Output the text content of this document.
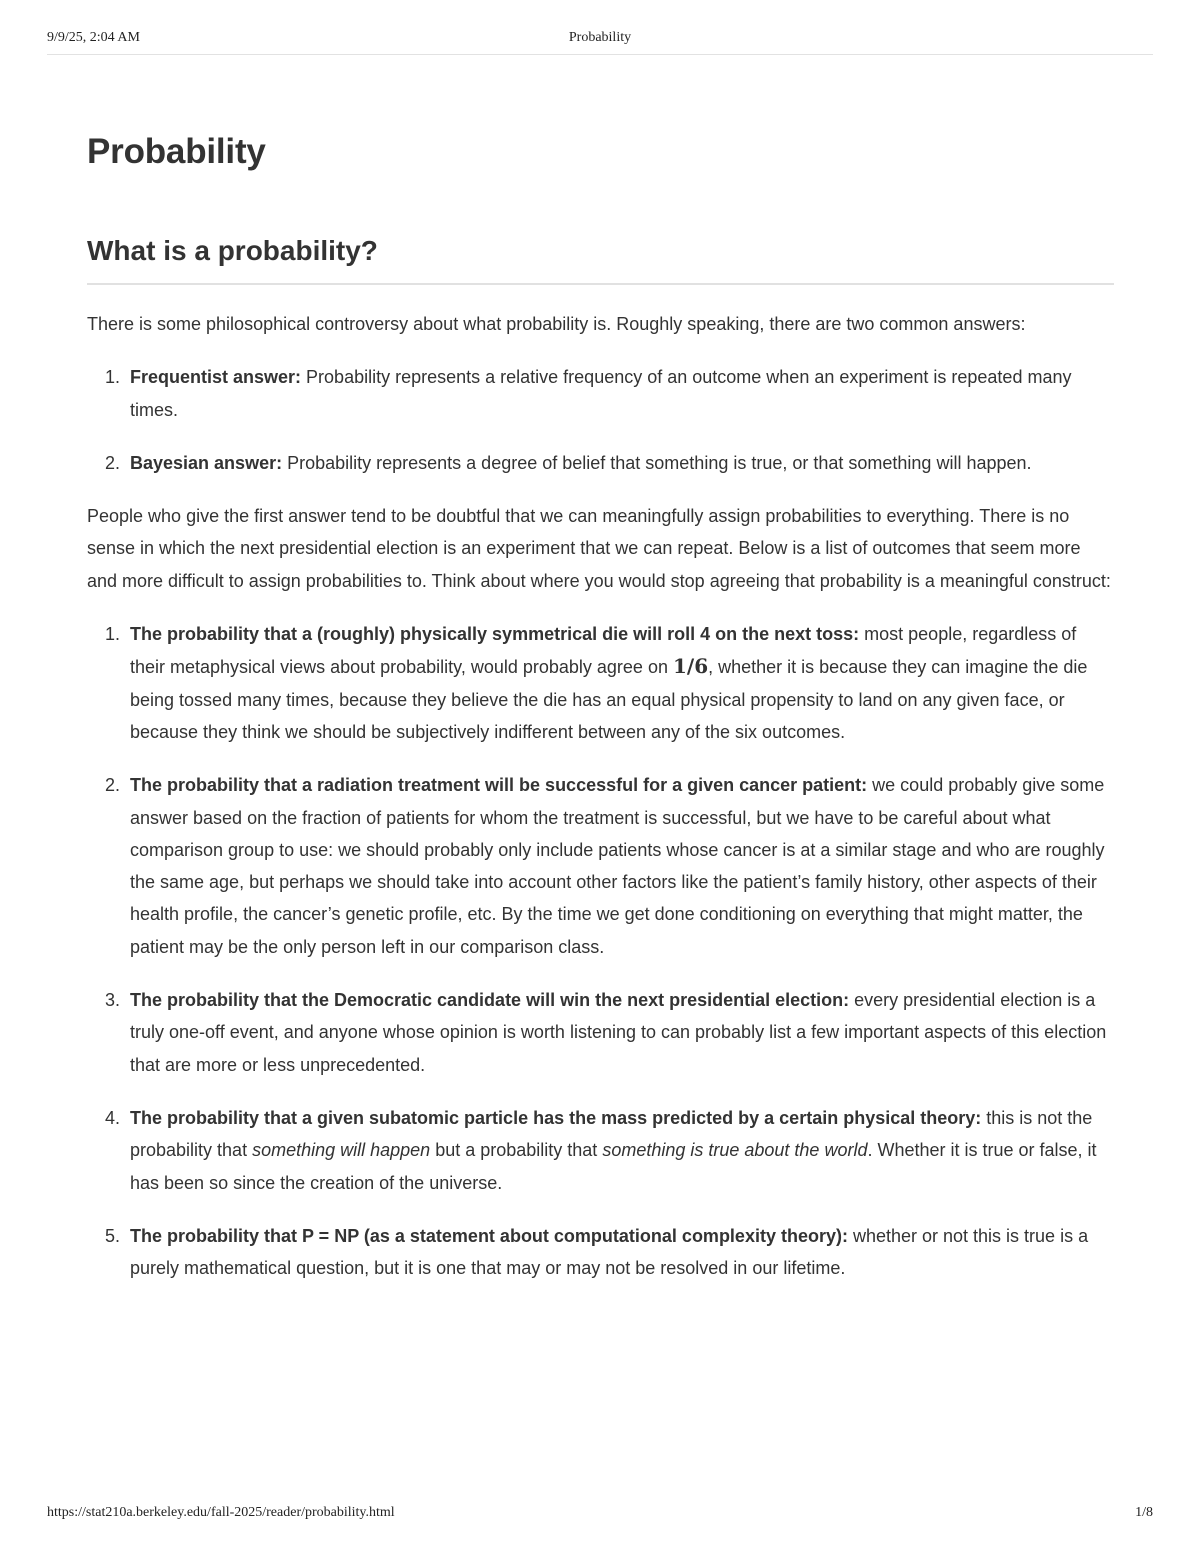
9/9/25, 2:04 AM	Probability
Probability
What is a probability?

There is some philosophical controversy about what probability is. Roughly speaking, there are two common answers:

1. Frequentist answer: Probability represents a relative frequency of an outcome when an experiment is repeated many times.
2. Bayesian answer: Probability represents a degree of belief that something is true, or that something will happen.

People who give the first answer tend to be doubtful that we can meaningfully assign probabilities to everything. There is no sense in which the next presidential election is an experiment that we can repeat. Below is a list of outcomes that seem more and more difficult to assign probabilities to. Think about where you would stop agreeing that probability is a meaningful construct:

1. The probability that a (roughly) physically symmetrical die will roll 4 on the next toss: most people, regardless of their metaphysical views about probability, would probably agree on 1/6, whether it is because they can imagine the die being tossed many times, because they believe the die has an equal physical propensity to land on any given face, or because they think we should be subjectively indifferent between any of the six outcomes.
2. The probability that a radiation treatment will be successful for a given cancer patient: we could probably give some answer based on the fraction of patients for whom the treatment is successful, but we have to be careful about what comparison group to use: we should probably only include patients whose cancer is at a similar stage and who are roughly the same age, but perhaps we should take into account other factors like the patient’s family history, other aspects of their health profile, the cancer’s genetic profile, etc. By the time we get done conditioning on everything that might matter, the patient may be the only person left in our comparison class.
3. The probability that the Democratic candidate will win the next presidential election: every presidential election is a truly one-off event, and anyone whose opinion is worth listening to can probably list a few important aspects of this election that are more or less unprecedented.
4. The probability that a given subatomic particle has the mass predicted by a certain physical theory: this is not the probability that something will happen but a probability that something is true about the world. Whether it is true or false, it has been so since the creation of the universe.
5. The probability that P = NP (as a statement about computational complexity theory): whether or not this is true is a purely mathematical question, but it is one that may or may not be resolved in our lifetime.
https://stat210a.berkeley.edu/fall-2025/reader/probability.html	1/8
